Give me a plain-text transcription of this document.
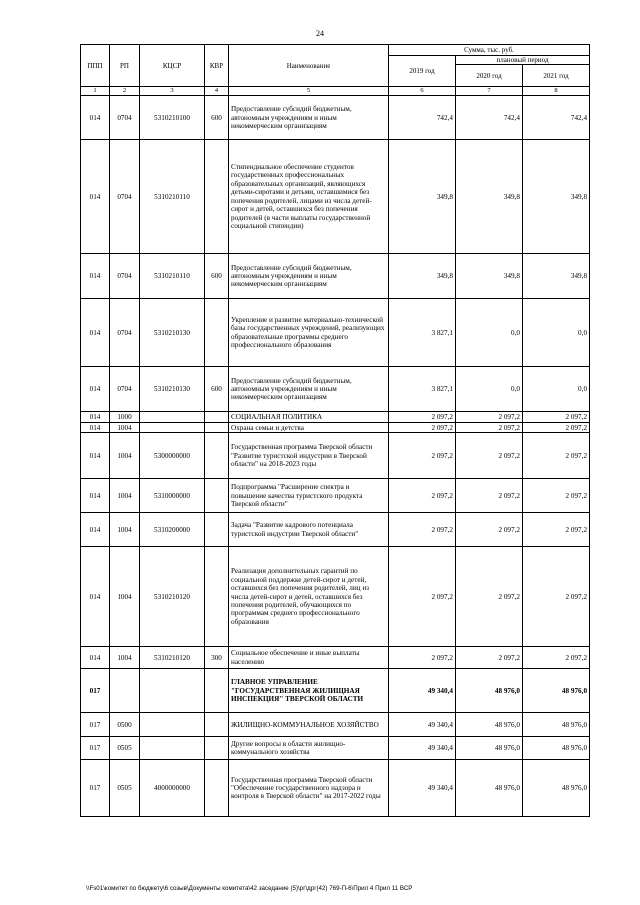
24
ППП	РП	КЦСР	КВР	Наименование	Сумма, тыс. руб.		
					2019 год	плановый период	
						2020 год	2021 год
1	2	3	4	5	6	7	8
014	0704	5310210100	600	Предоставление субсидий бюджетным, автономным учреждениям и иным некоммерческим организациям	742,4	742,4	742,4
014	0704	5310210110		Стипендиальное обеспечение студентов государственных профессиональных образовательных организаций, являющихся детьми-сиротами и детьми, оставшимися без попечения родителей, лицами из числа детей-сирот и детей, оставшихся без попечения родителей (в части выплаты государственной социальной стипендии)	349,8	349,8	349,8
014	0704	5310210110	600	Предоставление субсидий бюджетным, автономным учреждениям и иным некоммерческим организациям	349,8	349,8	349,8
014	0704	5310210130		Укрепление и развитие материально-технической базы государственных учреждений, реализующих образовательные программы среднего профессионального образования	3 827,1	0,0	0,0
014	0704	5310210130	600	Предоставление субсидий бюджетным, автономным учреждениям и иным некоммерческим организациям	3 827,1	0,0	0,0
014	1000			СОЦИАЛЬНАЯ ПОЛИТИКА	2 097,2	2 097,2	2 097,2
014	1004			Охрана семьи и детства	2 097,2	2 097,2	2 097,2
014	1004	5300000000		Государственная программа Тверской области "Развитие туристской индустрии в Тверской области" на 2018-2023 годы	2 097,2	2 097,2	2 097,2
014	1004	5310000000		Подпрограмма "Расширение спектра и повышение качества туристского продукта Тверской области"	2 097,2	2 097,2	2 097,2
014	1004	5310200000		Задача "Развитие кадрового потенциала туристской индустрии Тверской области"	2 097,2	2 097,2	2 097,2
014	1004	5310210120		Реализация дополнительных гарантий по социальной поддержке детей-сирот и детей, оставшихся без попечения родителей, лиц из числа детей-сирот и детей, оставшихся без попечения родителей, обучающихся по программам среднего профессионального образования	2 097,2	2 097,2	2 097,2
014	1004	5310210120	300	Социальное обеспечение и иные выплаты населению	2 097,2	2 097,2	2 097,2
017				ГЛАВНОЕ УПРАВЛЕНИЕ "ГОСУДАРСТВЕННАЯ ЖИЛИЩНАЯ ИНСПЕКЦИЯ" ТВЕРСКОЙ ОБЛАСТИ	49 340,4	48 976,0	48 976,0
017	0500			ЖИЛИЩНО-КОММУНАЛЬНОЕ ХОЗЯЙСТВО	49 340,4	48 976,0	48 976,0
017	0505			Другие вопросы в области жилищно-коммунального хозяйства	49 340,4	48 976,0	48 976,0
017	0505	4000000000		Государственная программа Тверской области "Обеспечение государственного надзора и контроля в Тверской области" на 2017-2022 годы	49 340,4	48 976,0	48 976,0
\\Fs01\комитет по бюджету\6 созыв\Документы комитета\42 заседание (5)\рг\дрг(42) 769-П-6\Прил 4 Прил 11 ВСР
